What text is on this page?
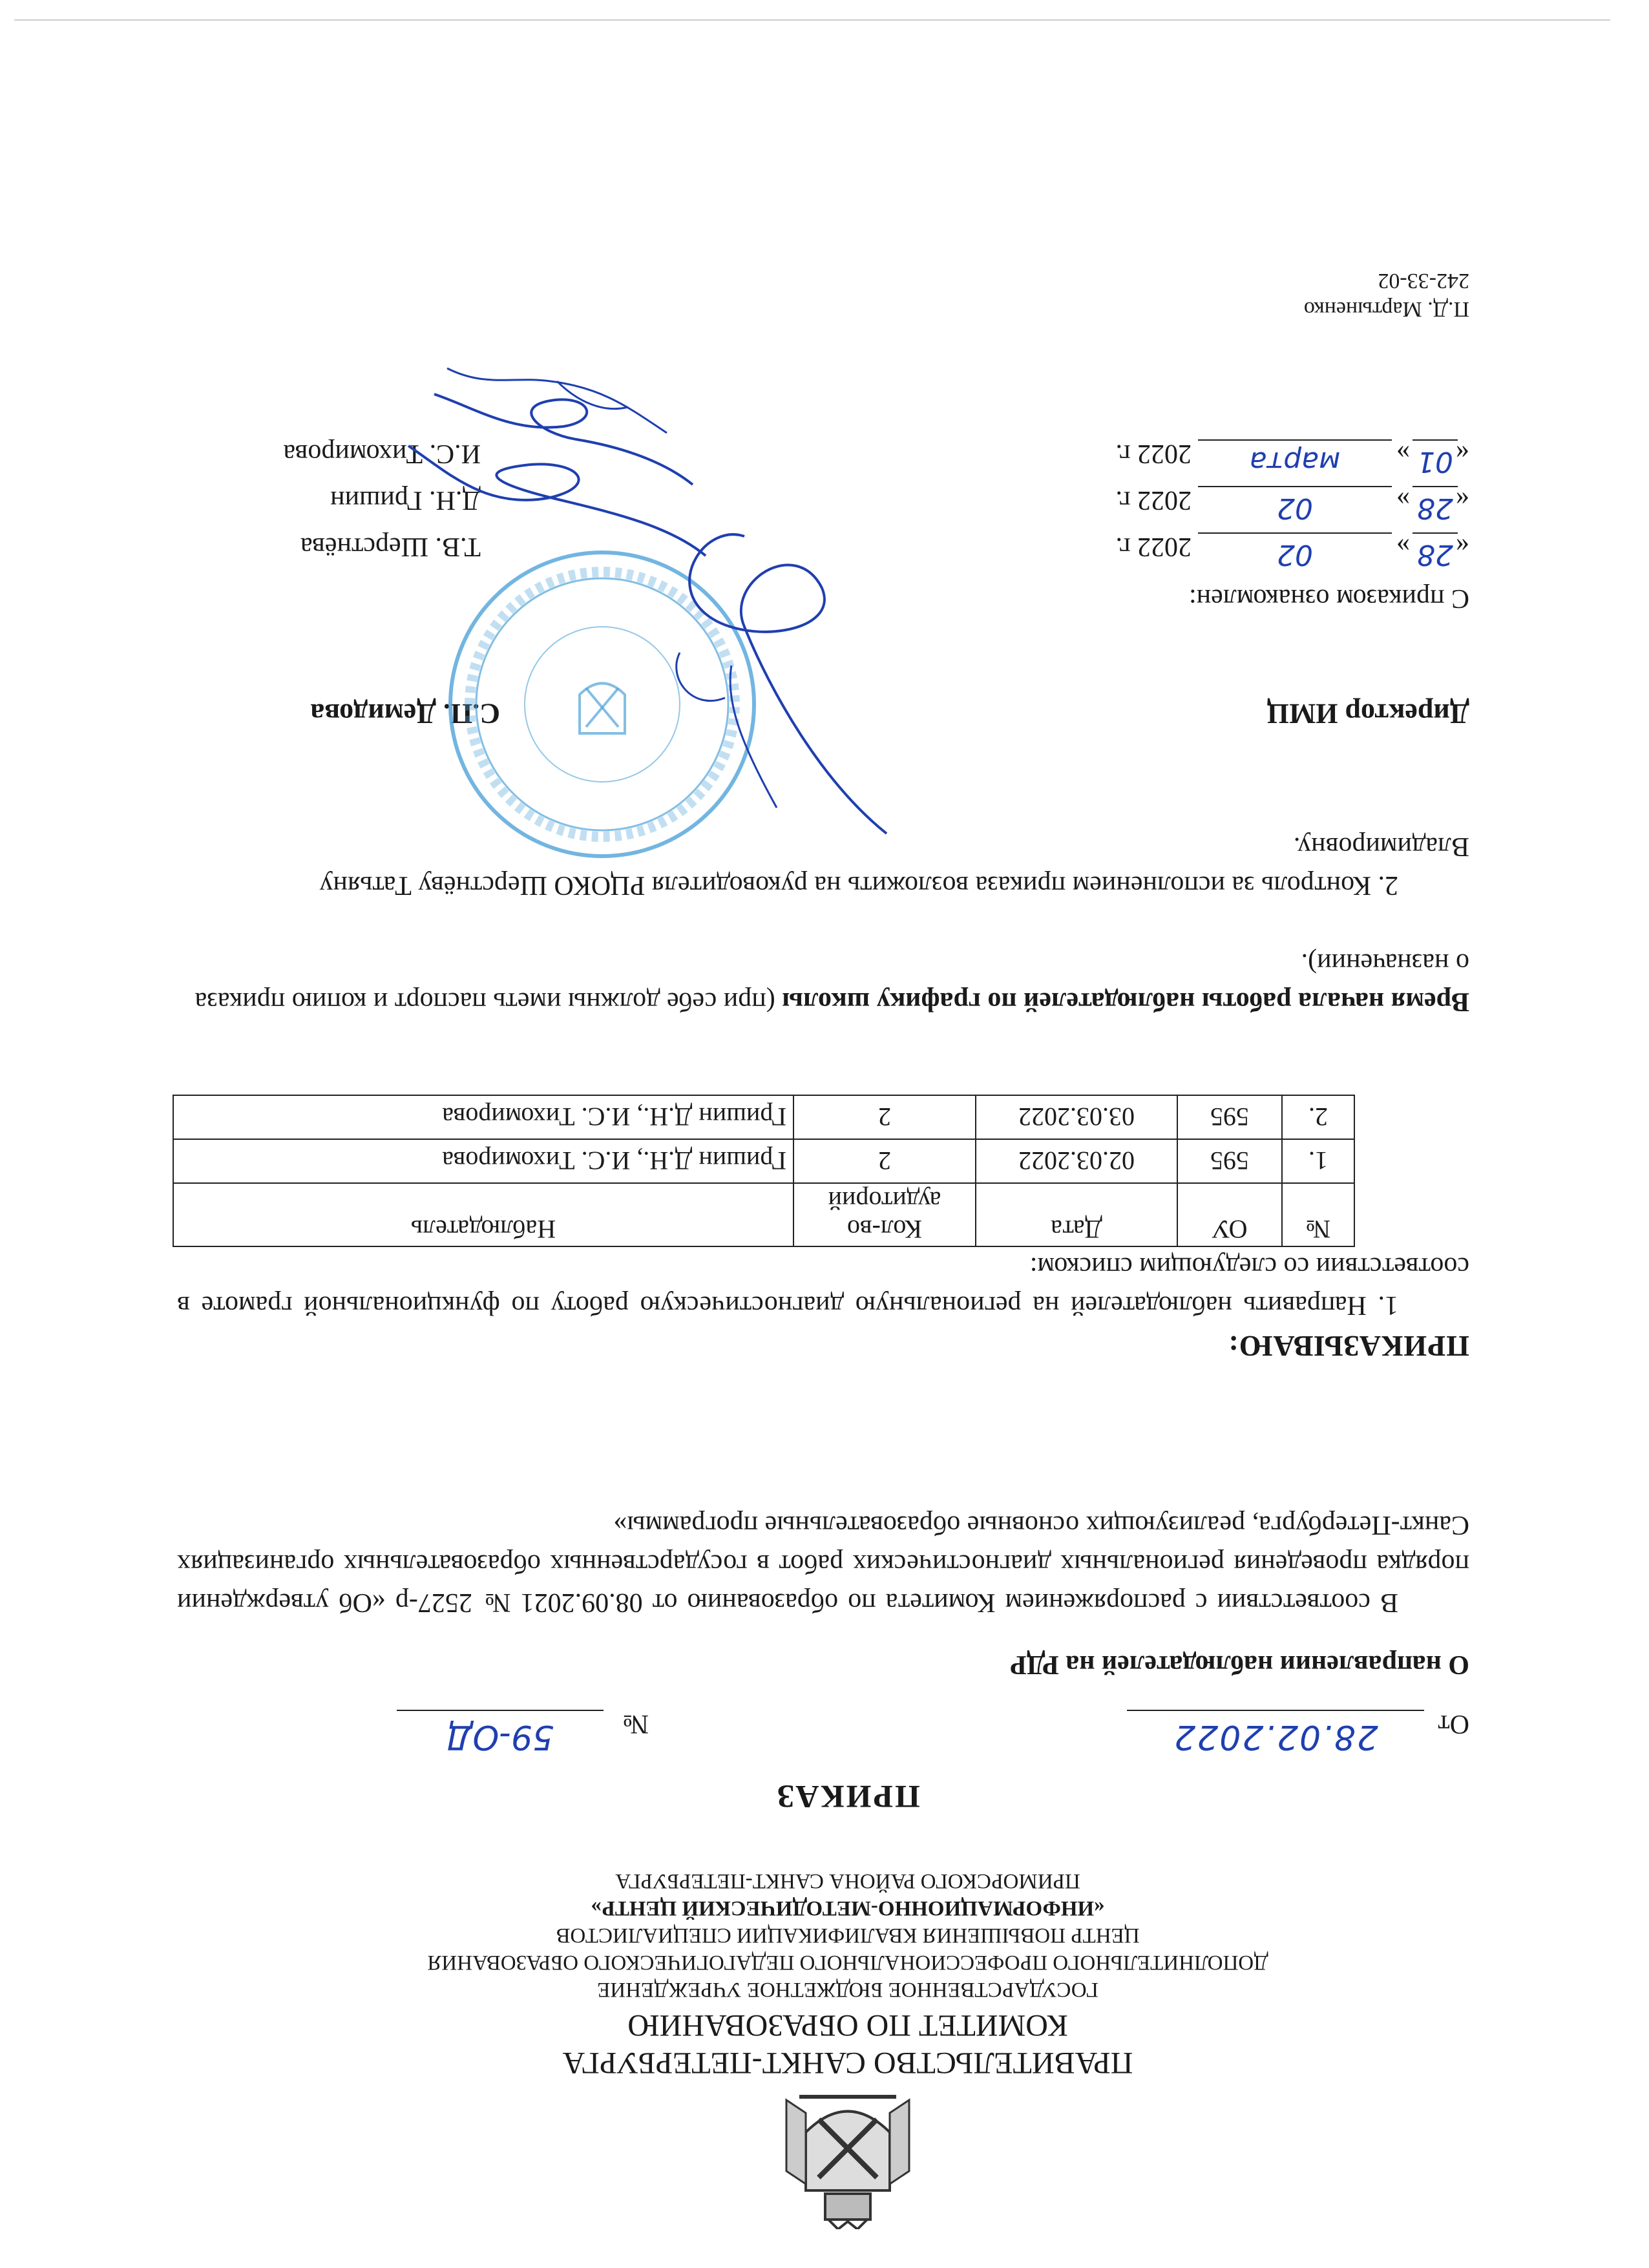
ПРАВИТЕЛЬСТВО САНКТ-ПЕТЕРБУРГА
КОМИТЕТ ПО ОБРАЗОВАНИЮ
ГОСУДАРСТВЕННОЕ БЮДЖЕТНОЕ УЧРЕЖДЕНИЕ
ДОПОЛНИТЕЛЬНОГО ПРОФЕССИОНАЛЬНОГО ПЕДАГОГИЧЕСКОГО ОБРАЗОВАНИЯ
ЦЕНТР ПОВЫШЕНИЯ КВАЛИФИКАЦИИ СПЕЦИАЛИСТОВ
«ИНФОРМАЦИОННО-МЕТОДИЧЕСКИЙ ЦЕНТР»
ПРИМОРСКОГО РАЙОНА САНКТ-ПЕТЕРБУРГА
ПРИКАЗ
От
28.02.2022
№
59-ОД
О направлении наблюдателей на РДР
В соответствии с распоряжением Комитета по образованию от 08.09.2021 № 2527-р «Об утверждении порядка проведения региональных диагностических работ в государственных образовательных организациях Санкт-Петербурга, реализующих основные образовательные программы»
ПРИКАЗЫВАЮ:
1. Направить наблюдателей на региональную диагностическую работу по функциональной грамоте в соответствии со следующим списком:
№	ОУ	Дата	Кол-во аудиторий	Наблюдатель
1.	595	02.03.2022	2	Гришин Д.Н., И.С. Тихомирова
2.	595	03.03.2022	2	Гришин Д.Н., И.С. Тихомирова
Время начала работы наблюдателей по графику школы (при себе должны иметь паспорт и копию приказа о назначении).
2. Контроль за исполнением приказа возложить на руководителя РЦОКО Шерстнёву Татьяну Владимировну.
Директор ИМЦ
С.П. Демидова
С приказом ознакомлен:
«
28
»
02
2022 г.
Т.В. Шерстнёва
«
28
»
02
2022 г.
Д.Н. Гришин
«
01
»
марта
2022 г.
И.С. Тихомирова
П.Д. Мартыненко
242-33-02
